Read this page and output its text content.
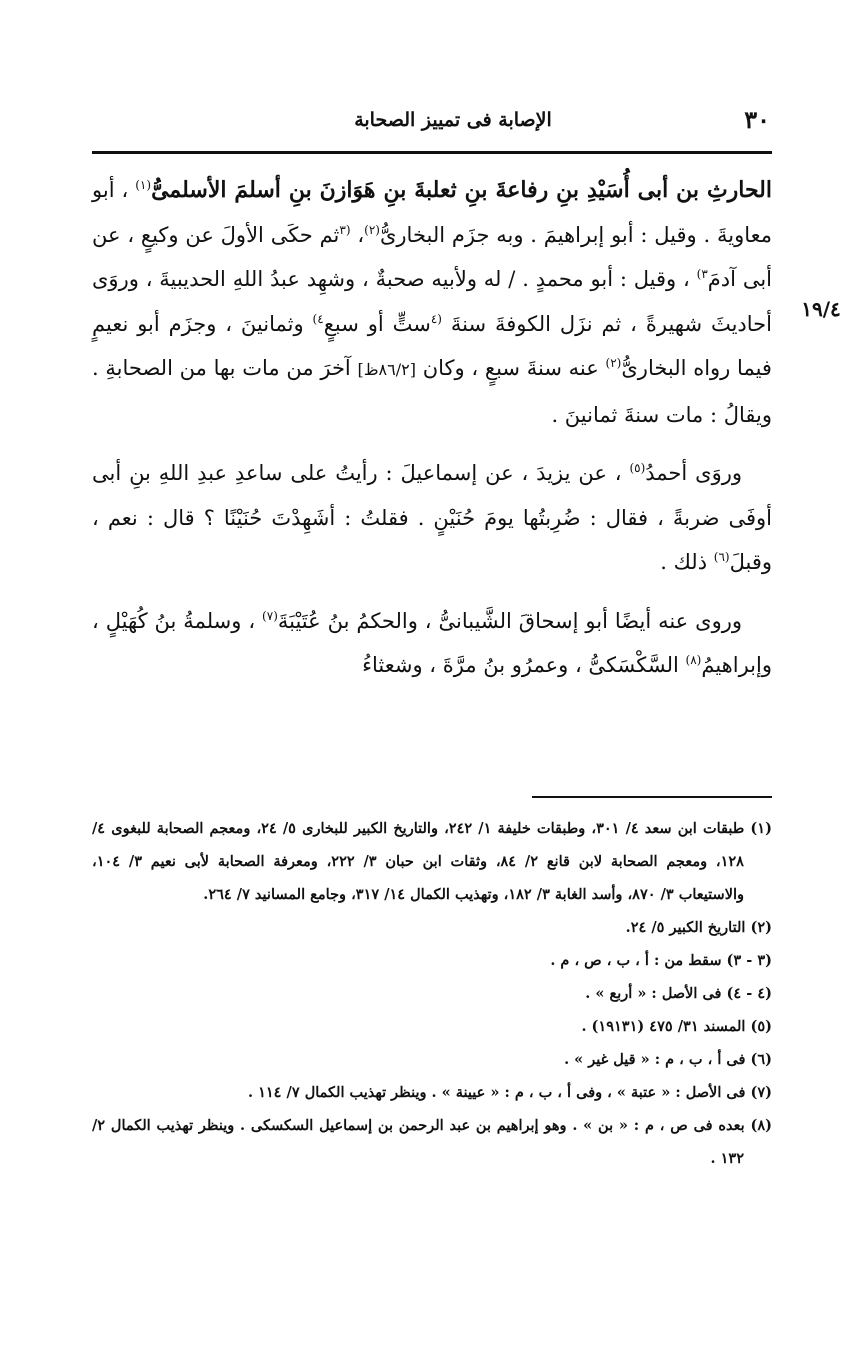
٣٠
الإصابة فى تمييز الصحابة
١٩/٤

الحارثِ بن أبى أُسَيْدِ بنِ رفاعةَ بنِ ثعلبةَ بنِ هَوَازنَ بنِ أسلمَ الأسلمىُّ$^{(١)}$ ، أبو معاويةَ . وقيل : أبو إبراهيمَ . وبه جزَم البخارىُّ$^{(٢)}$، $^{(٣}$ثم حكَى الأولَ عن وكيعٍ ، عن أبى آدمَ$^{٣)}$ ، وقيل : أبو محمدٍ . / له ولأبيه صحبةٌ ، وشهِد عبدُ اللهِ الحديبيةَ ، وروَى أحاديثَ شهيرةً ، ثم نزَل الكوفةَ سنةَ $^{(٤}$ستٍّ أو سبعٍ$^{٤)}$ وثمانينَ ، وجزَم أبو نعيمٍ فيما رواه البخارىُّ$^{(٢)}$ عنه سنةَ سبعٍ ، وكان [٨٦/٢ظ] آخرَ من مات بها من الصحابةِ . ويقالُ : مات سنةَ ثمانينَ .

وروَى أحمدُ$^{(٥)}$ ، عن يزيدَ ، عن إسماعيلَ : رأيتُ على ساعدِ عبدِ اللهِ بنِ أبى أوفَى ضربةً ، فقال : ضُرِبتُها يومَ حُنَيْنٍ . فقلتُ : أشَهِدْتَ حُنَيْنًا ؟ قال : نعم ، وقبلَ$^{(٦)}$ ذلك .

وروى عنه أيضًا أبو إسحاقَ الشَّيبانىُّ ، والحكمُ بنُ عُتَيْبَةَ$^{(٧)}$ ، وسلمةُ بنُ كُهَيْلٍ ، وإبراهيمُ$^{(٨)}$ السَّكْسَكىُّ ، وعمرُو بنُ مرَّةَ ، وشعثاءُ

(١) طبقات ابن سعد ٤/ ٣٠١، وطبقات خليفة ١/ ٢٤٢، والتاريخ الكبير للبخارى ٥/ ٢٤، ومعجم الصحابة للبغوى ٤/ ١٢٨، ومعجم الصحابة لابن قانع ٢/ ٨٤، وثقات ابن حبان ٣/ ٢٢٢، ومعرفة الصحابة لأبى نعيم ٣/ ١٠٤، والاستيعاب ٣/ ٨٧٠، وأسد الغابة ٣/ ١٨٢، وتهذيب الكمال ١٤/ ٣١٧، وجامع المسانيد ٧/ ٢٦٤.

(٢) التاريخ الكبير ٥/ ٢٤.

(٣ - ٣) سقط من : أ ، ب ، ص ، م .

(٤ - ٤) فى الأصل : « أربع » .

(٥) المسند ٣١/ ٤٧٥ (١٩١٣١) .

(٦) فى أ ، ب ، م : « قيل غير » .

(٧) فى الأصل : « عتبة » ، وفى أ ، ب ، م : « عيينة » . وينظر تهذيب الكمال ٧/ ١١٤ .

(٨) بعده فى ص ، م : « بن » . وهو إبراهيم بن عبد الرحمن بن إسماعيل السكسكى . وينظر تهذيب الكمال ٢/ ١٣٢ .
